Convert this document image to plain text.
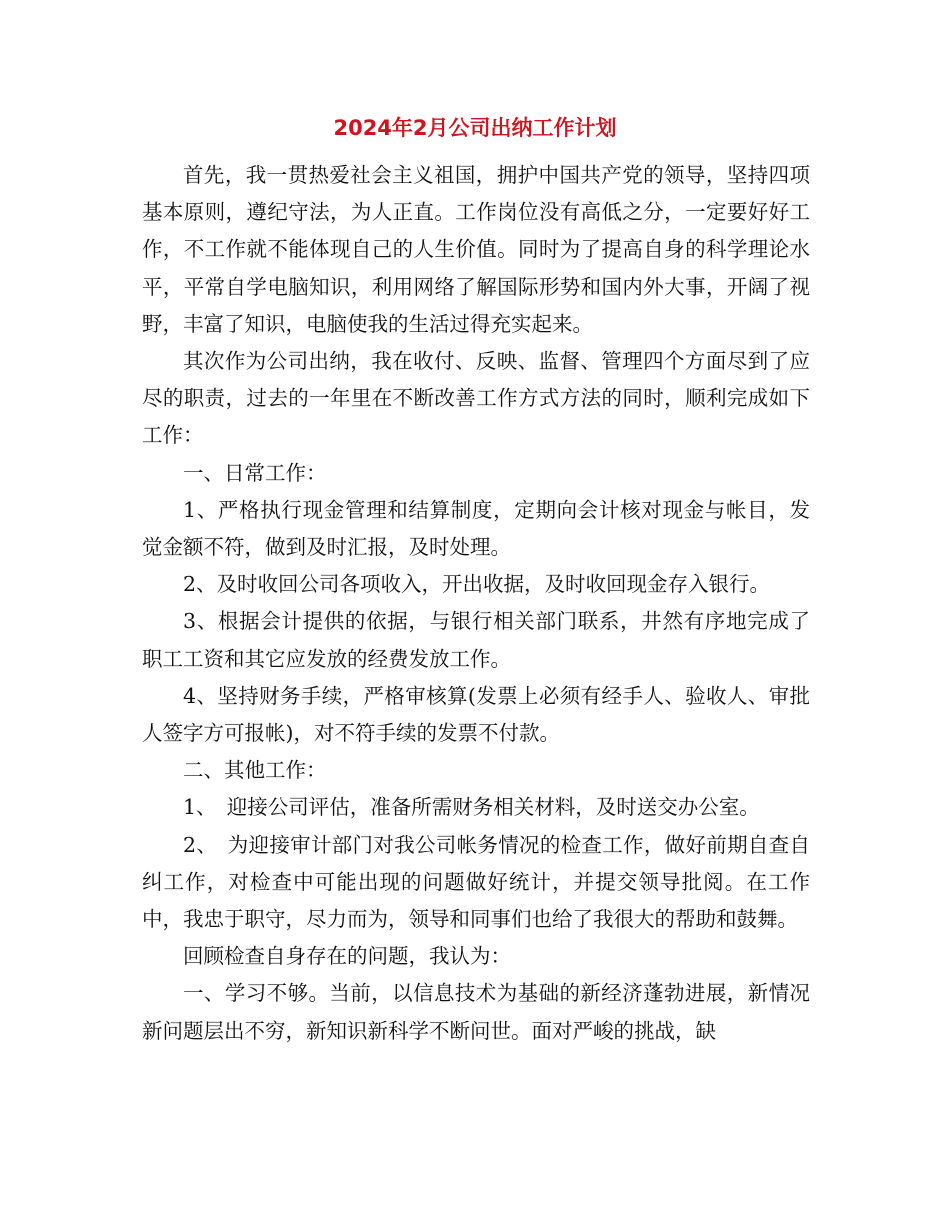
2024年2月公司出纳工作计划

首先，我一贯热爱社会主义祖国，拥护中国共产党的领导，坚持四项基本原则，遵纪守法，为人正直。工作岗位没有高低之分，一定要好好工作，不工作就不能体现自己的人生价值。同时为了提高自身的科学理论水平，平常自学电脑知识，利用网络了解国际形势和国内外大事，开阔了视野，丰富了知识，电脑使我的生活过得充实起来。

其次作为公司出纳，我在收付、反映、监督、管理四个方面尽到了应尽的职责，过去的一年里在不断改善工作方式方法的同时，顺利完成如下工作：

一、日常工作：

1、严格执行现金管理和结算制度，定期向会计核对现金与帐目，发觉金额不符，做到及时汇报，及时处理。

2、及时收回公司各项收入，开出收据，及时收回现金存入银行。

3、根据会计提供的依据，与银行相关部门联系，井然有序地完成了职工工资和其它应发放的经费发放工作。

4、坚持财务手续，严格审核算(发票上必须有经手人、验收人、审批人签字方可报帐)，对不符手续的发票不付款。

二、其他工作：

1、　迎接公司评估，准备所需财务相关材料，及时送交办公室。

2、　为迎接审计部门对我公司帐务情况的检查工作，做好前期自查自纠工作，对检查中可能出现的问题做好统计，并提交领导批阅。在工作中，我忠于职守，尽力而为，领导和同事们也给了我很大的帮助和鼓舞。

回顾检查自身存在的问题，我认为：

一、学习不够。当前，以信息技术为基础的新经济蓬勃进展，新情况新问题层出不穷，新知识新科学不断问世。面对严峻的挑战，缺
